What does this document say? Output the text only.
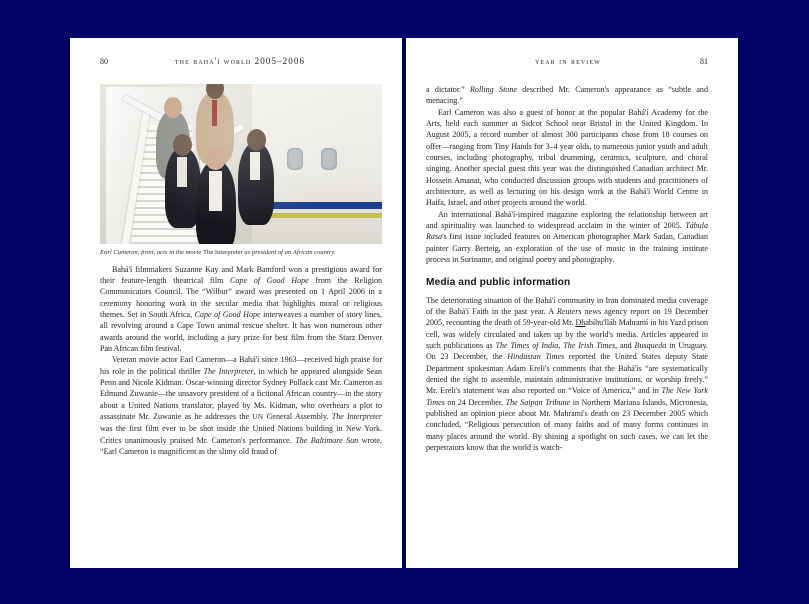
80	the bahá'í world 2005–2006
Earl Cameron, front, acts in the movie The Interpreter as president of an African country.

Bahá'í filmmakers Suzanne Kay and Mark Bamford won a prestigious award for their feature-length theatrical film Cape of Good Hope from the Religion Communicators Council. The “Wilbur” award was presented on 1 April 2006 in a ceremony honoring work in the secular media that highlights moral or religious themes. Set in South Africa, Cape of Good Hope interweaves a number of story lines, all revolving around a Cape Town animal rescue shelter. It has won numerous other awards around the world, including a jury prize for best film from the Starz Denver Pan African film festival.

Veteran movie actor Earl Cameron—a Bahá'í since 1963—received high praise for his role in the political thriller The Interpreter, in which he appeared alongside Sean Penn and Nicole Kidman. Oscar-winning director Sydney Pollack cast Mr. Cameron as Edmund Zuwanie—the unsavory president of a fictional African country—in the story about a United Nations translator, played by Ms. Kidman, who overhears a plot to assassinate Mr. Zuwanie as he addresses the UN General Assembly. The Interpreter was the first film ever to be shot inside the United Nations building in New York. Critics unanimously praised Mr. Cameron's performance. The Baltimore Sun wrote, “Earl Cameron is magnificent as the slimy old fraud of

year in review	81

a dictator.” Rolling Stone described Mr. Cameron's appearance as “subtle and menacing.”

Earl Cameron was also a guest of honor at the popular Bahá'í Academy for the Arts, held each summer at Sidcot School near Bristol in the United Kingdom. In August 2005, a record number of almost 300 participants chose from 18 courses on offer—ranging from Tiny Hands for 3–4 year olds, to numerous junior youth and adult courses, including photography, tribal drumming, ceramics, sculpture, and choral singing. Another special guest this year was the distinguished Canadian architect Mr. Hossein Amanat, who conducted discussion groups with students and practitioners of architecture, as well as lecturing on his design work at the Bahá'í World Centre in Haifa, Israel, and other projects around the world.

An international Bahá'í-inspired magazine exploring the relationship between art and spirituality was launched to widespread acclaim in the winter of 2005. Tábula Rasa's first issue included features on American photographer Mark Sadan, Canadian painter Garry Berteig, an exploration of the use of music in the training institute process in Suriname, and original poetry and photography.

Media and public information

The deteriorating situation of the Bahá'í community in Iran dominated media coverage of the Bahá'í Faith in the past year. A Reuters news agency report on 19 December 2005, recounting the death of 59-year-old Mr. Dhabíhu'lláh Mahramí in his Yazd prison cell, was widely circulated and taken up by the world's media. Articles appeared in such publications as The Times of India, The Irish Times, and Busqueda in Uruguay. On 23 December, the Hindustan Times reported the United States deputy State Department spokesman Adam Ereli's comments that the Bahá'ís “are systematically denied the right to assemble, maintain administrative institutions, or worship freely.” Mr. Ereli's statement was also reported on “Voice of America,” and in The New York Times on 24 December. The Saipan Tribune in Northern Mariana Islands, Micronesia, published an opinion piece about Mr. Mahramí's death on 23 December 2005 which concluded, “Religious persecution of many faiths and of many forms continues in many places around the world. By shining a spotlight on such cases, we can let the perpetrators know that the world is watch-
